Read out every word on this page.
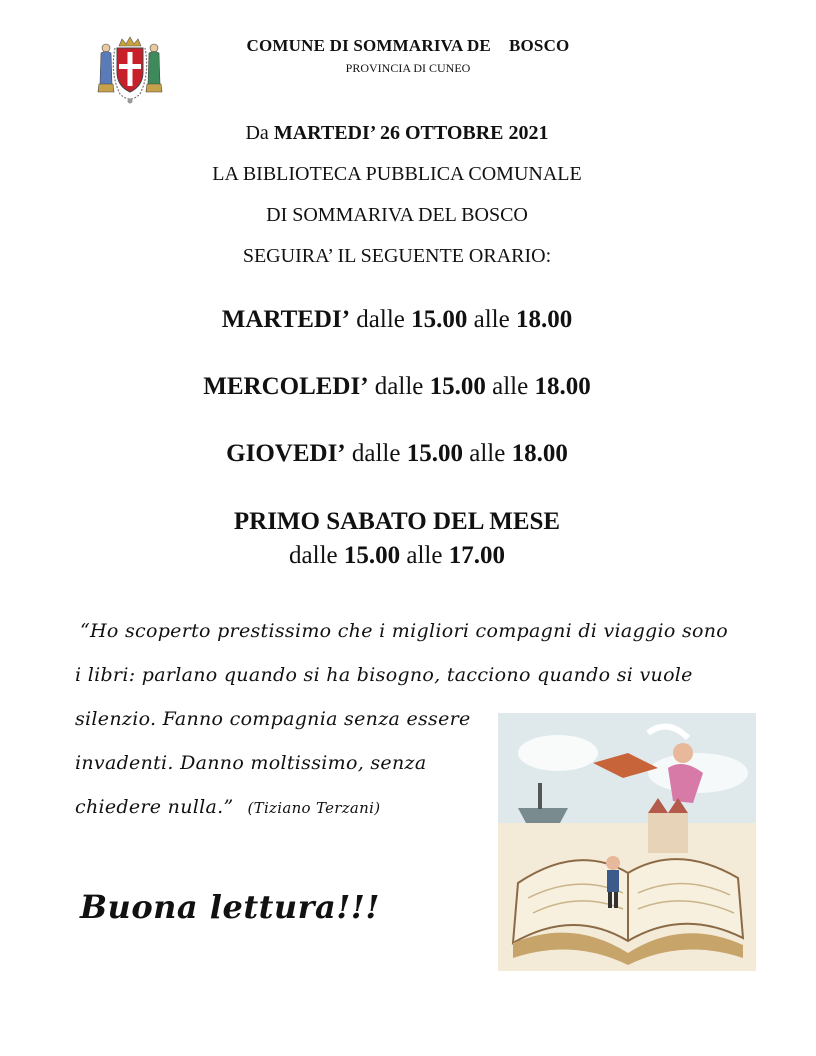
COMUNE DI SOMMARIVA DE BOSCO
PROVINCIA DI CUNEO
Da MARTEDI’ 26 OTTOBRE 2021
LA BIBLIOTECA PUBBLICA COMUNALE
DI SOMMARIVA DEL BOSCO
SEGUIRA’ IL SEGUENTE ORARIO:
MARTEDI’ dalle 15.00 alle 18.00
MERCOLEDI’ dalle 15.00 alle 18.00
GIOVEDI’ dalle 15.00 alle 18.00
PRIMO SABATO DEL MESE
dalle 15.00 alle 17.00
“Ho scoperto prestissimo che i migliori compagni di viaggio sono
i libri: parlano quando si ha bisogno, tacciono quando si vuole
silenzio. Fanno compagnia senza essere
invadenti. Danno moltissimo, senza
chiedere nulla.” (Tiziano Terzani)
Buona lettura!!!
